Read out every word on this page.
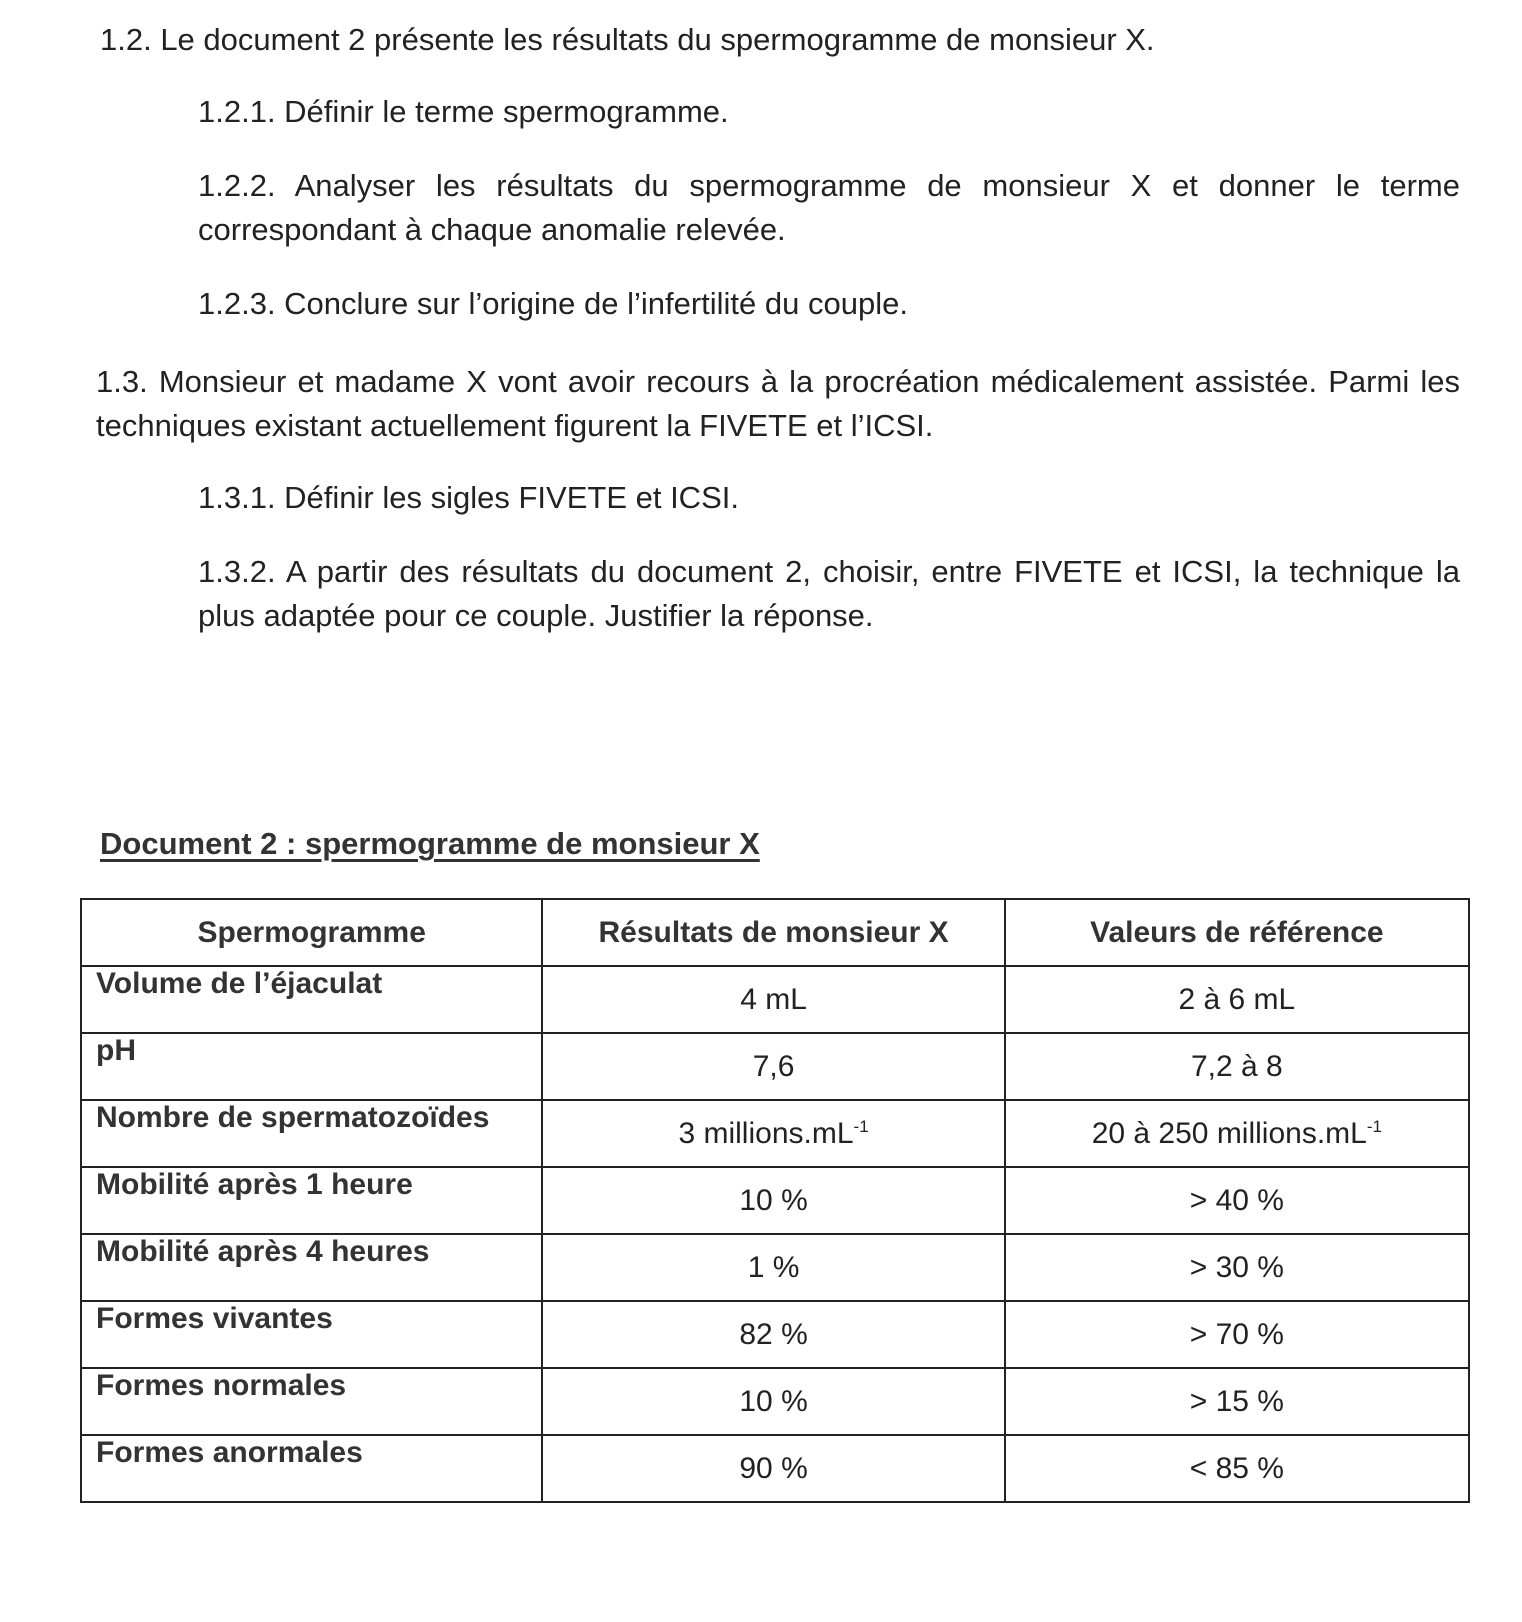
1.2. Le document 2 présente les résultats du spermogramme de monsieur X.
1.2.1. Définir le terme spermogramme.
1.2.2. Analyser les résultats du spermogramme de monsieur X et donner le terme correspondant à chaque anomalie relevée.
1.2.3. Conclure sur l’origine de l’infertilité du couple.
1.3. Monsieur et madame X vont avoir recours à la procréation médicalement assistée. Parmi les techniques existant actuellement figurent la FIVETE et l’ICSI.
1.3.1. Définir les sigles FIVETE et ICSI.
1.3.2. A partir des résultats du document 2, choisir, entre FIVETE et ICSI, la technique la plus adaptée pour ce couple. Justifier la réponse.
Document 2 : spermogramme de monsieur X
Spermogramme	Résultats de monsieur X	Valeurs de référence
Volume de l’éjaculat	4 mL	2 à 6 mL
pH	7,6	7,2 à 8
Nombre de spermatozoïdes	3 $millions.mL^{-1}$	20 à 250 $millions.mL^{-1}$
Mobilité après 1 heure	10 %	> 40 %
Mobilité après 4 heures	1 %	> 30 %
Formes vivantes	82 %	> 70 %
Formes normales	10 %	> 15 %
Formes anormales	90 %	< 85 %
